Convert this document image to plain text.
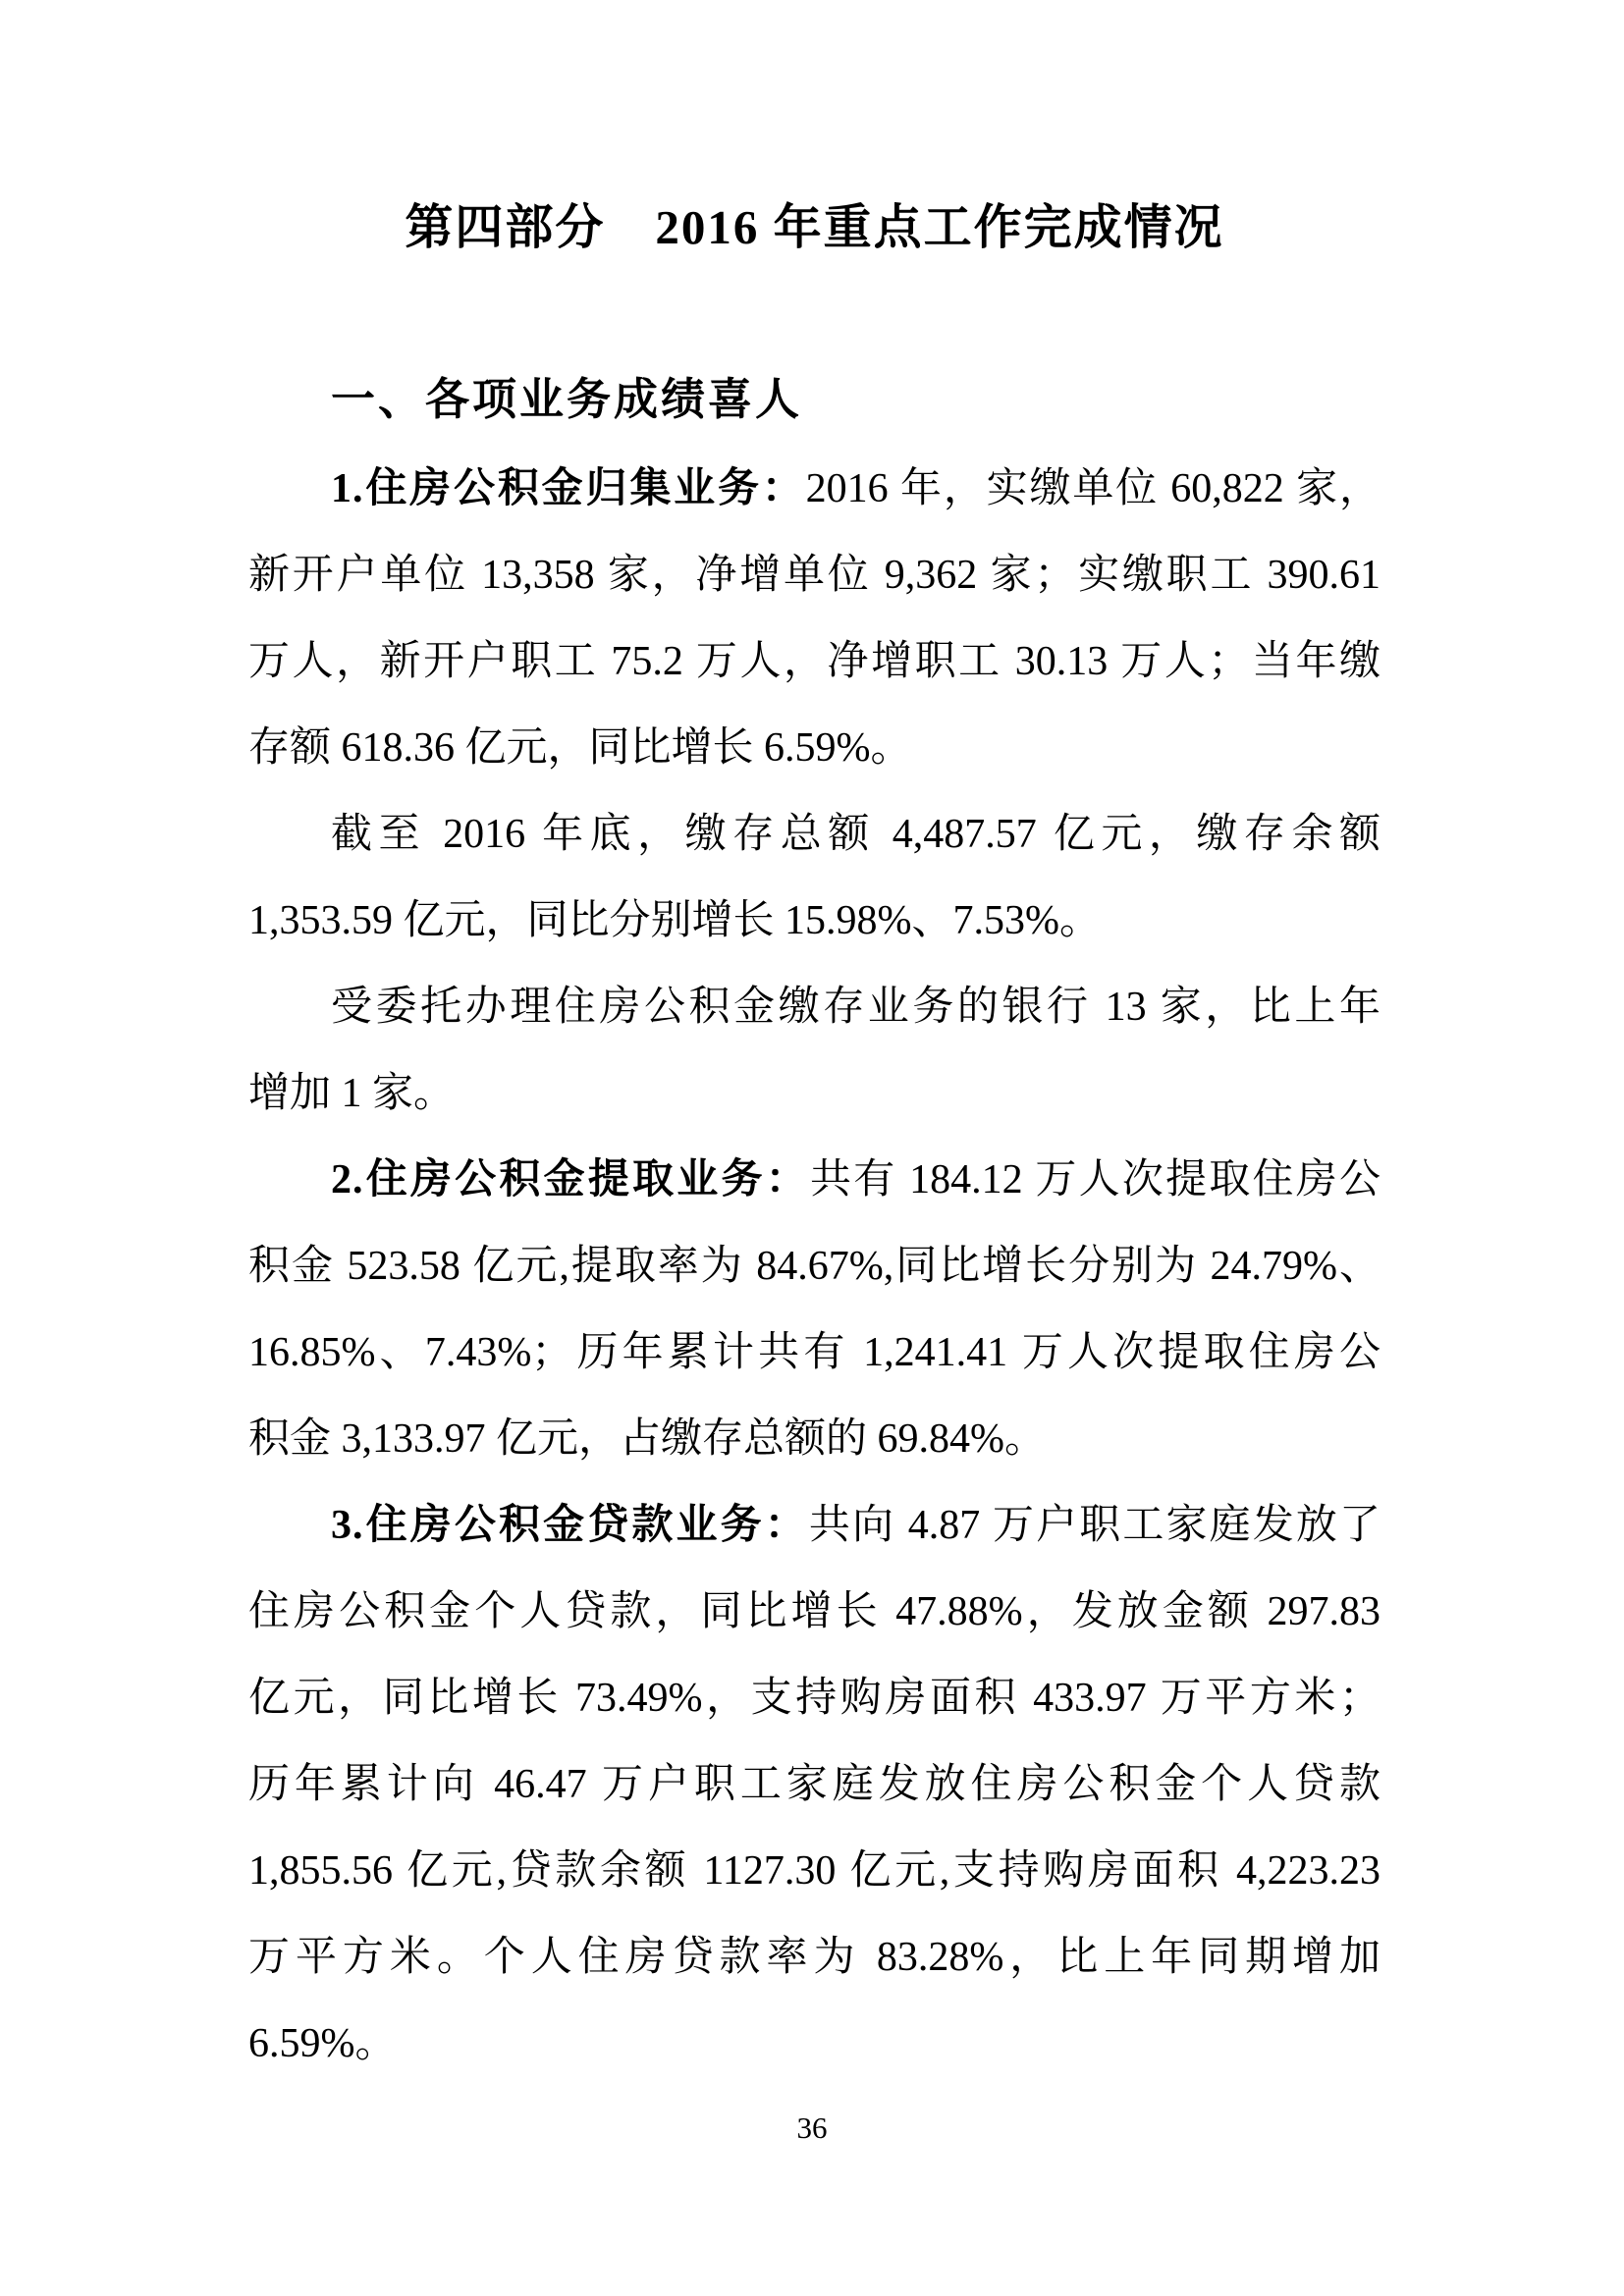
第四部分　2016 年重点工作完成情况
一、各项业务成绩喜人
1.住房公积金归集业务：2016 年，实缴单位 60,822 家，
新开户单位 13,358 家，净增单位 9,362 家；实缴职工 390.61
万人，新开户职工 75.2 万人，净增职工 30.13 万人；当年缴
存额 618.36 亿元，同比增长 6.59%。
截至 2016 年底，缴存总额 4,487.57 亿元，缴存余额
1,353.59 亿元，同比分别增长 15.98%、7.53%。
受委托办理住房公积金缴存业务的银行 13 家，比上年
增加 1 家。
2.住房公积金提取业务：共有 184.12 万人次提取住房公
积金 523.58 亿元,提取率为 84.67%,同比增长分别为 24.79%、
16.85%、7.43%；历年累计共有 1,241.41 万人次提取住房公
积金 3,133.97 亿元，占缴存总额的 69.84%。
3.住房公积金贷款业务：共向 4.87 万户职工家庭发放了
住房公积金个人贷款，同比增长 47.88%，发放金额 297.83
亿元，同比增长 73.49%，支持购房面积 433.97 万平方米；
历年累计向 46.47 万户职工家庭发放住房公积金个人贷款
1,855.56 亿元,贷款余额 1127.30 亿元,支持购房面积 4,223.23
万平方米。个人住房贷款率为 83.28%，比上年同期增加
6.59%。
36
